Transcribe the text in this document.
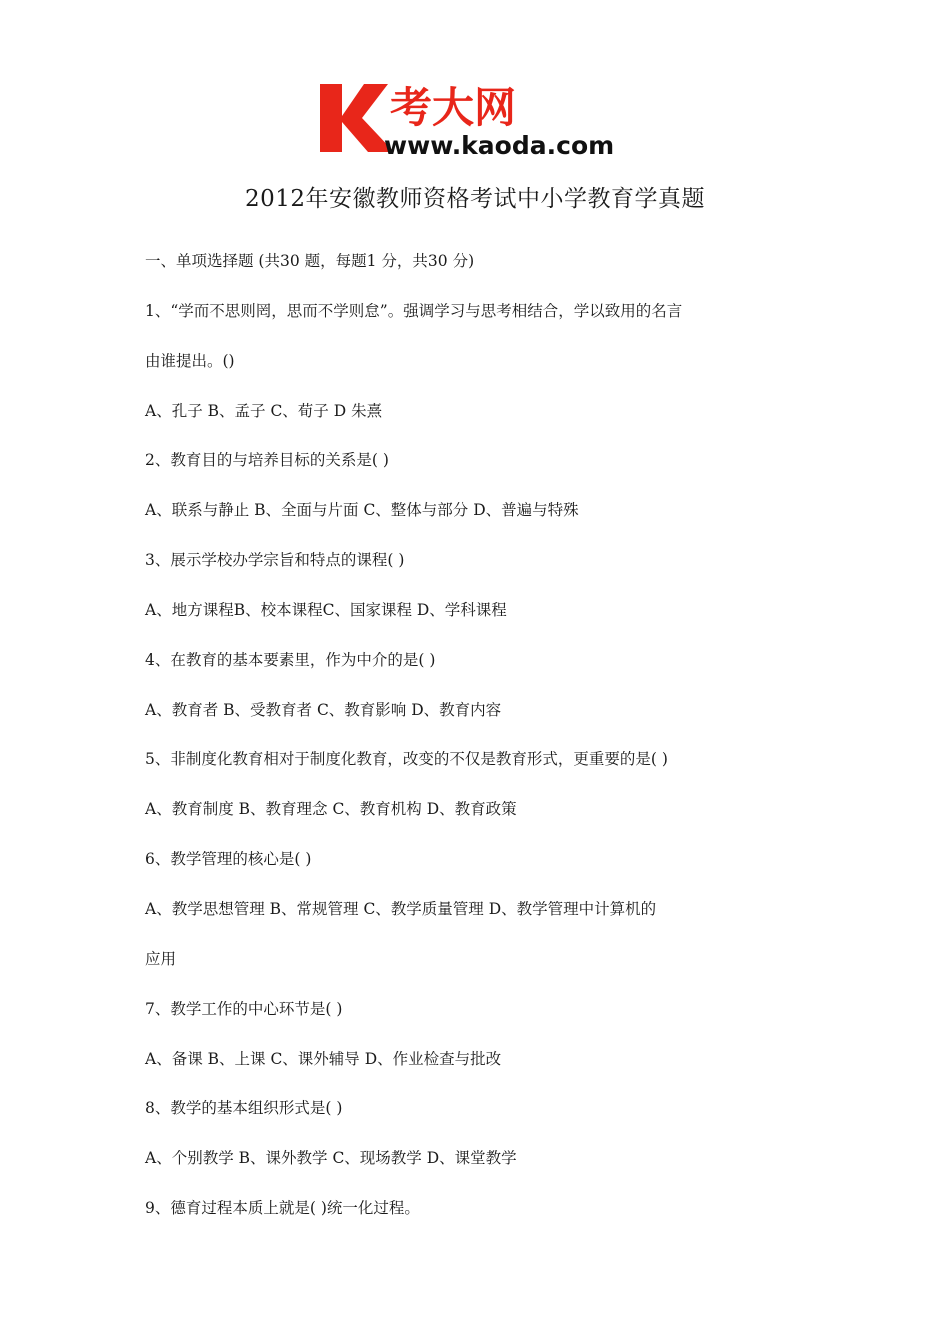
考大网
www.kaoda.com
2012年安徽教师资格考试中小学教育学真题
一、单项选择题 (共30 题，每题1 分，共30 分)
1、“学而不思则罔，思而不学则怠”。强调学习与思考相结合，学以致用的名言
由谁提出。()
A、孔子 B、孟子 C、荀子 D 朱熹
2、教育目的与培养目标的关系是( )
A、联系与静止 B、全面与片面 C、整体与部分 D、普遍与特殊
3、展示学校办学宗旨和特点的课程( )
A、地方课程B、校本课程C、国家课程 D、学科课程
4、在教育的基本要素里，作为中介的是( )
A、教育者 B、受教育者 C、教育影响 D、教育内容
5、非制度化教育相对于制度化教育，改变的不仅是教育形式，更重要的是( )
A、教育制度 B、教育理念 C、教育机构 D、教育政策
6、教学管理的核心是( )
A、教学思想管理 B、常规管理 C、教学质量管理 D、教学管理中计算机的
应用
7、教学工作的中心环节是( )
A、备课 B、上课 C、课外辅导 D、作业检查与批改
8、教学的基本组织形式是( )
A、个别教学 B、课外教学 C、现场教学 D、课堂教学
9、德育过程本质上就是( )统一化过程。
